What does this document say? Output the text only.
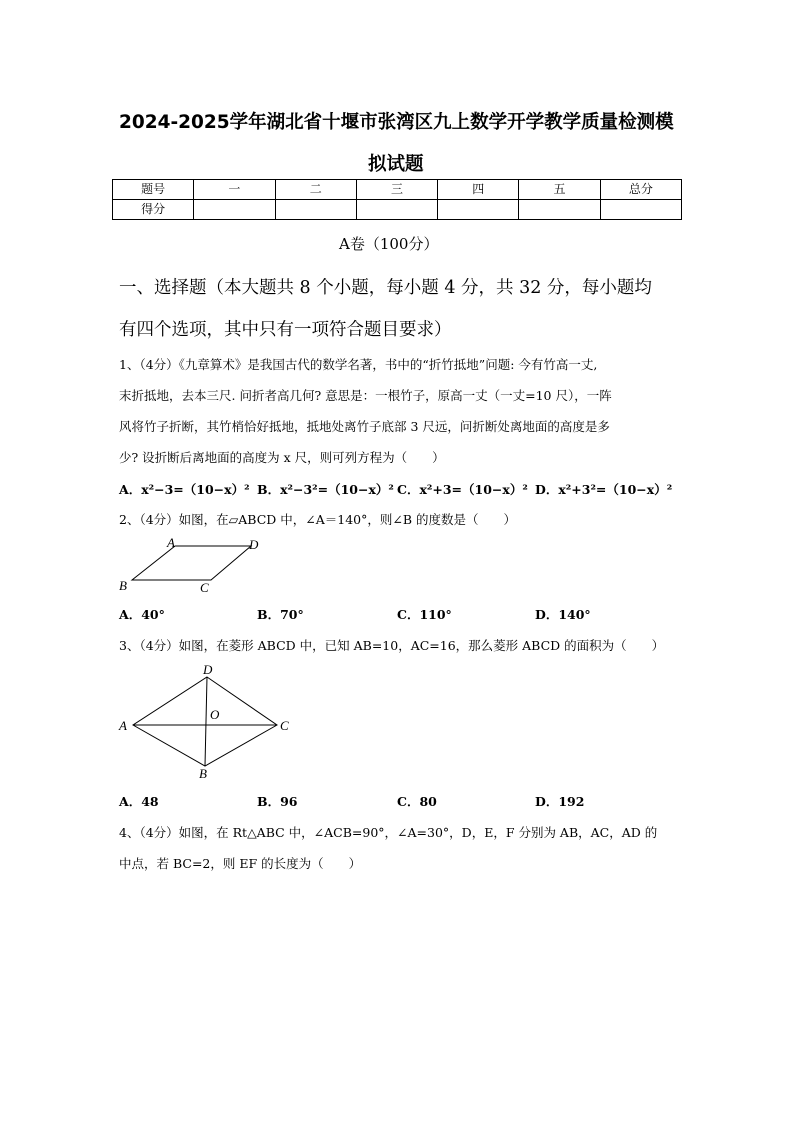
2024-2025学年湖北省十堰市张湾区九上数学开学教学质量检测模
拟试题
题号	一	二	三	四	五	总分
得分						
A卷（100分）
一、选择题（本大题共 8 个小题，每小题 4 分，共 32 分，每小题均
有四个选项，其中只有一项符合题目要求）
1、（4分）《九章算术》是我国古代的数学名著，书中的“折竹抵地”问题: 今有竹高一丈,
末折抵地，去本三尺. 问折者高几何? 意思是：一根竹子，原高一丈（一丈=10 尺），一阵
风将竹子折断，其竹梢恰好抵地，抵地处离竹子底部 3 尺远，问折断处离地面的高度是多
少? 设折断后离地面的高度为 x 尺，则可列方程为（　　）
A．x²−3=（10−x）² B．x²−3²=（10−x）² C．x²+3=（10−x）² D．x²+3²=（10−x）²
2、（4分）如图，在▱ABCD 中，∠A＝140°，则∠B 的度数是（　　）
A	D
B	C
A．40°	B．70°	C．110°	D．140°
3、（4分）如图，在菱形 ABCD 中，已知 AB=10，AC=16，那么菱形 ABCD 的面积为（　　）
D
O
A	C
B
A．48	B．96	C．80	D．192
4、（4分）如图，在 Rt△ABC 中，∠ACB=90°，∠A=30°，D，E，F 分别为 AB，AC，AD 的
中点，若 BC=2，则 EF 的长度为（　　）
